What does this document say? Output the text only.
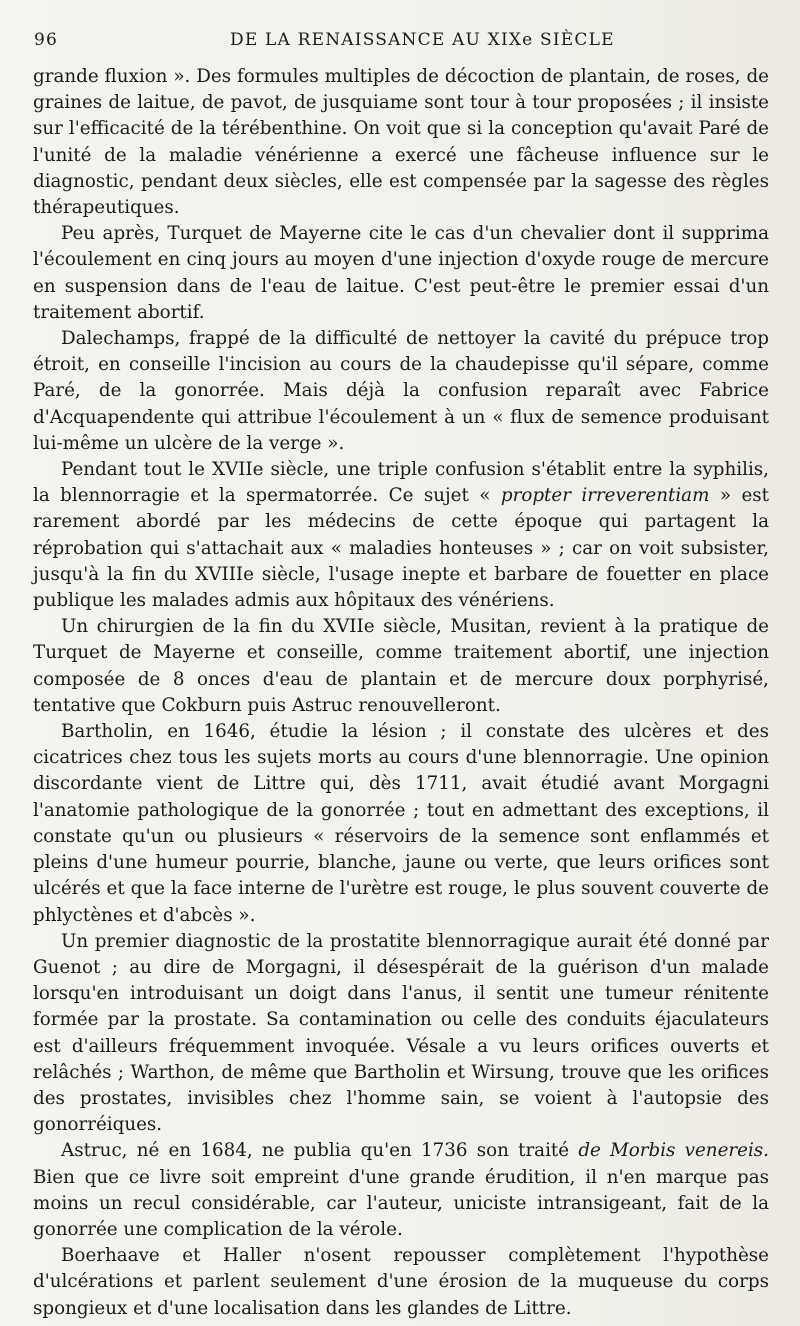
96	DE LA RENAISSANCE AU XIXe SIÈCLE

grande fluxion ». Des formules multiples de décoction de plantain, de roses, de graines de laitue, de pavot, de jusquiame sont tour à tour proposées ; il insiste sur l'efficacité de la térébenthine. On voit que si la conception qu'avait Paré de l'unité de la maladie vénérienne a exercé une fâcheuse influence sur le diagnostic, pendant deux siècles, elle est compensée par la sagesse des règles thérapeutiques.

Peu après, Turquet de Mayerne cite le cas d'un chevalier dont il supprima l'écoulement en cinq jours au moyen d'une injection d'oxyde rouge de mercure en suspension dans de l'eau de laitue. C'est peut-être le premier essai d'un traitement abortif.

Dalechamps, frappé de la difficulté de nettoyer la cavité du prépuce trop étroit, en conseille l'incision au cours de la chaudepisse qu'il sépare, comme Paré, de la gonorrée. Mais déjà la confusion reparaît avec Fabrice d'Acquapendente qui attribue l'écoulement à un « flux de semence produisant lui-même un ulcère de la verge ».

Pendant tout le XVIIe siècle, une triple confusion s'établit entre la syphilis, la blennorragie et la spermatorrée. Ce sujet « propter irreverentiam » est rarement abordé par les médecins de cette époque qui partagent la réprobation qui s'attachait aux « maladies honteuses » ; car on voit subsister, jusqu'à la fin du XVIIIe siècle, l'usage inepte et barbare de fouetter en place publique les malades admis aux hôpitaux des vénériens.

Un chirurgien de la fin du XVIIe siècle, Musitan, revient à la pratique de Turquet de Mayerne et conseille, comme traitement abortif, une injection composée de 8 onces d'eau de plantain et de mercure doux porphyrisé, tentative que Cokburn puis Astruc renouvelleront.

Bartholin, en 1646, étudie la lésion ; il constate des ulcères et des cicatrices chez tous les sujets morts au cours d'une blennorragie. Une opinion discordante vient de Littre qui, dès 1711, avait étudié avant Morgagni l'anatomie pathologique de la gonorrée ; tout en admettant des exceptions, il constate qu'un ou plusieurs « réservoirs de la semence sont enflammés et pleins d'une humeur pourrie, blanche, jaune ou verte, que leurs orifices sont ulcérés et que la face interne de l'urètre est rouge, le plus souvent couverte de phlyctènes et d'abcès ».

Un premier diagnostic de la prostatite blennorragique aurait été donné par Guenot ; au dire de Morgagni, il désespérait de la guérison d'un malade lorsqu'en introduisant un doigt dans l'anus, il sentit une tumeur rénitente formée par la prostate. Sa contamination ou celle des conduits éjaculateurs est d'ailleurs fréquemment invoquée. Vésale a vu leurs orifices ouverts et relâchés ; Warthon, de même que Bartholin et Wirsung, trouve que les orifices des prostates, invisibles chez l'homme sain, se voient à l'autopsie des gonorréiques.

Astruc, né en 1684, ne publia qu'en 1736 son traité de Morbis venereis. Bien que ce livre soit empreint d'une grande érudition, il n'en marque pas moins un recul considérable, car l'auteur, uniciste intransigeant, fait de la gonorrée une complication de la vérole.

Boerhaave et Haller n'osent repousser complètement l'hypothèse d'ulcérations et parlent seulement d'une érosion de la muqueuse du corps spongieux et d'une localisation dans les glandes de Littre.
